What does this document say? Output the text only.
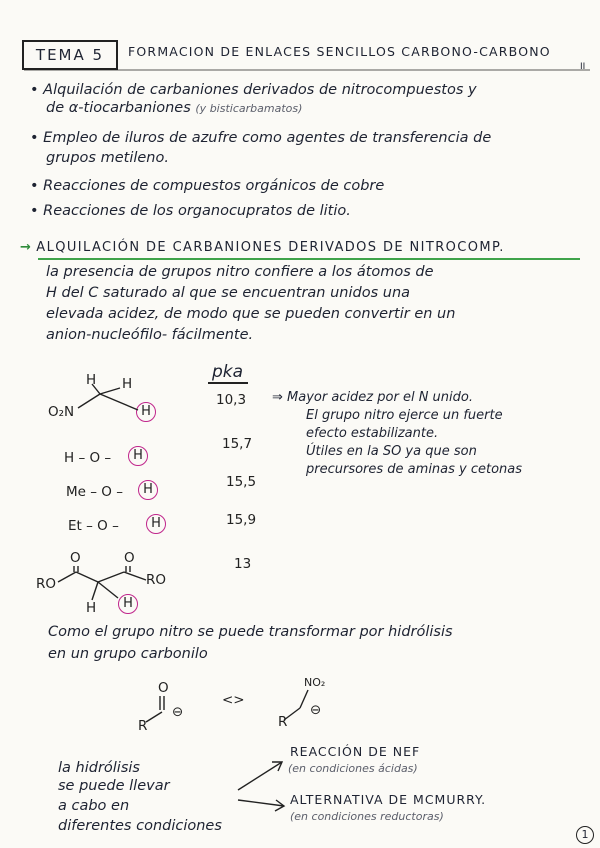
TEMA 5 FORMACION DE ENLACES SENCILLOS CARBONO-CARBONO
II
• Alquilación de carbaniones derivados de nitrocompuestos y
de α-tiocarbaniones (y bisticarbamatos)
• Empleo de iluros de azufre como agentes de transferencia de
grupos metileno.
• Reacciones de compuestos orgánicos de cobre
• Reacciones de los organocupratos de litio.
→ ALQUILACIÓN DE CARBANIONES DERIVADOS DE NITROCOMP.
la presencia de grupos nitro confiere a los átomos de
H del C saturado al que se encuentran unidos una
elevada acidez, de modo que se pueden convertir en un
anion-nucleófilo- fácilmente.
pka
H H
O₂N	H
10,3
H – O –	H
15,7
Me – O –	H	15,5
Et – O –	H	15,9
O	O
RO	RO
H	H
13
⇒ Mayor acidez por el N unido.
El grupo nitro ejerce un fuerte
efecto estabilizante.
Útiles en la SO ya que son
precursores de aminas y cetonas
Como el grupo nitro se puede transformar por hidrólisis
en un grupo carbonilo
O
R
⊖
<>
NO₂
R
⊖
la hidrólisis
se puede llevar
a cabo en
diferentes condiciones
REACCIÓN DE NEF
(en condiciones ácidas)
ALTERNATIVA DE MCMURRY.
(en condiciones reductoras)
1
